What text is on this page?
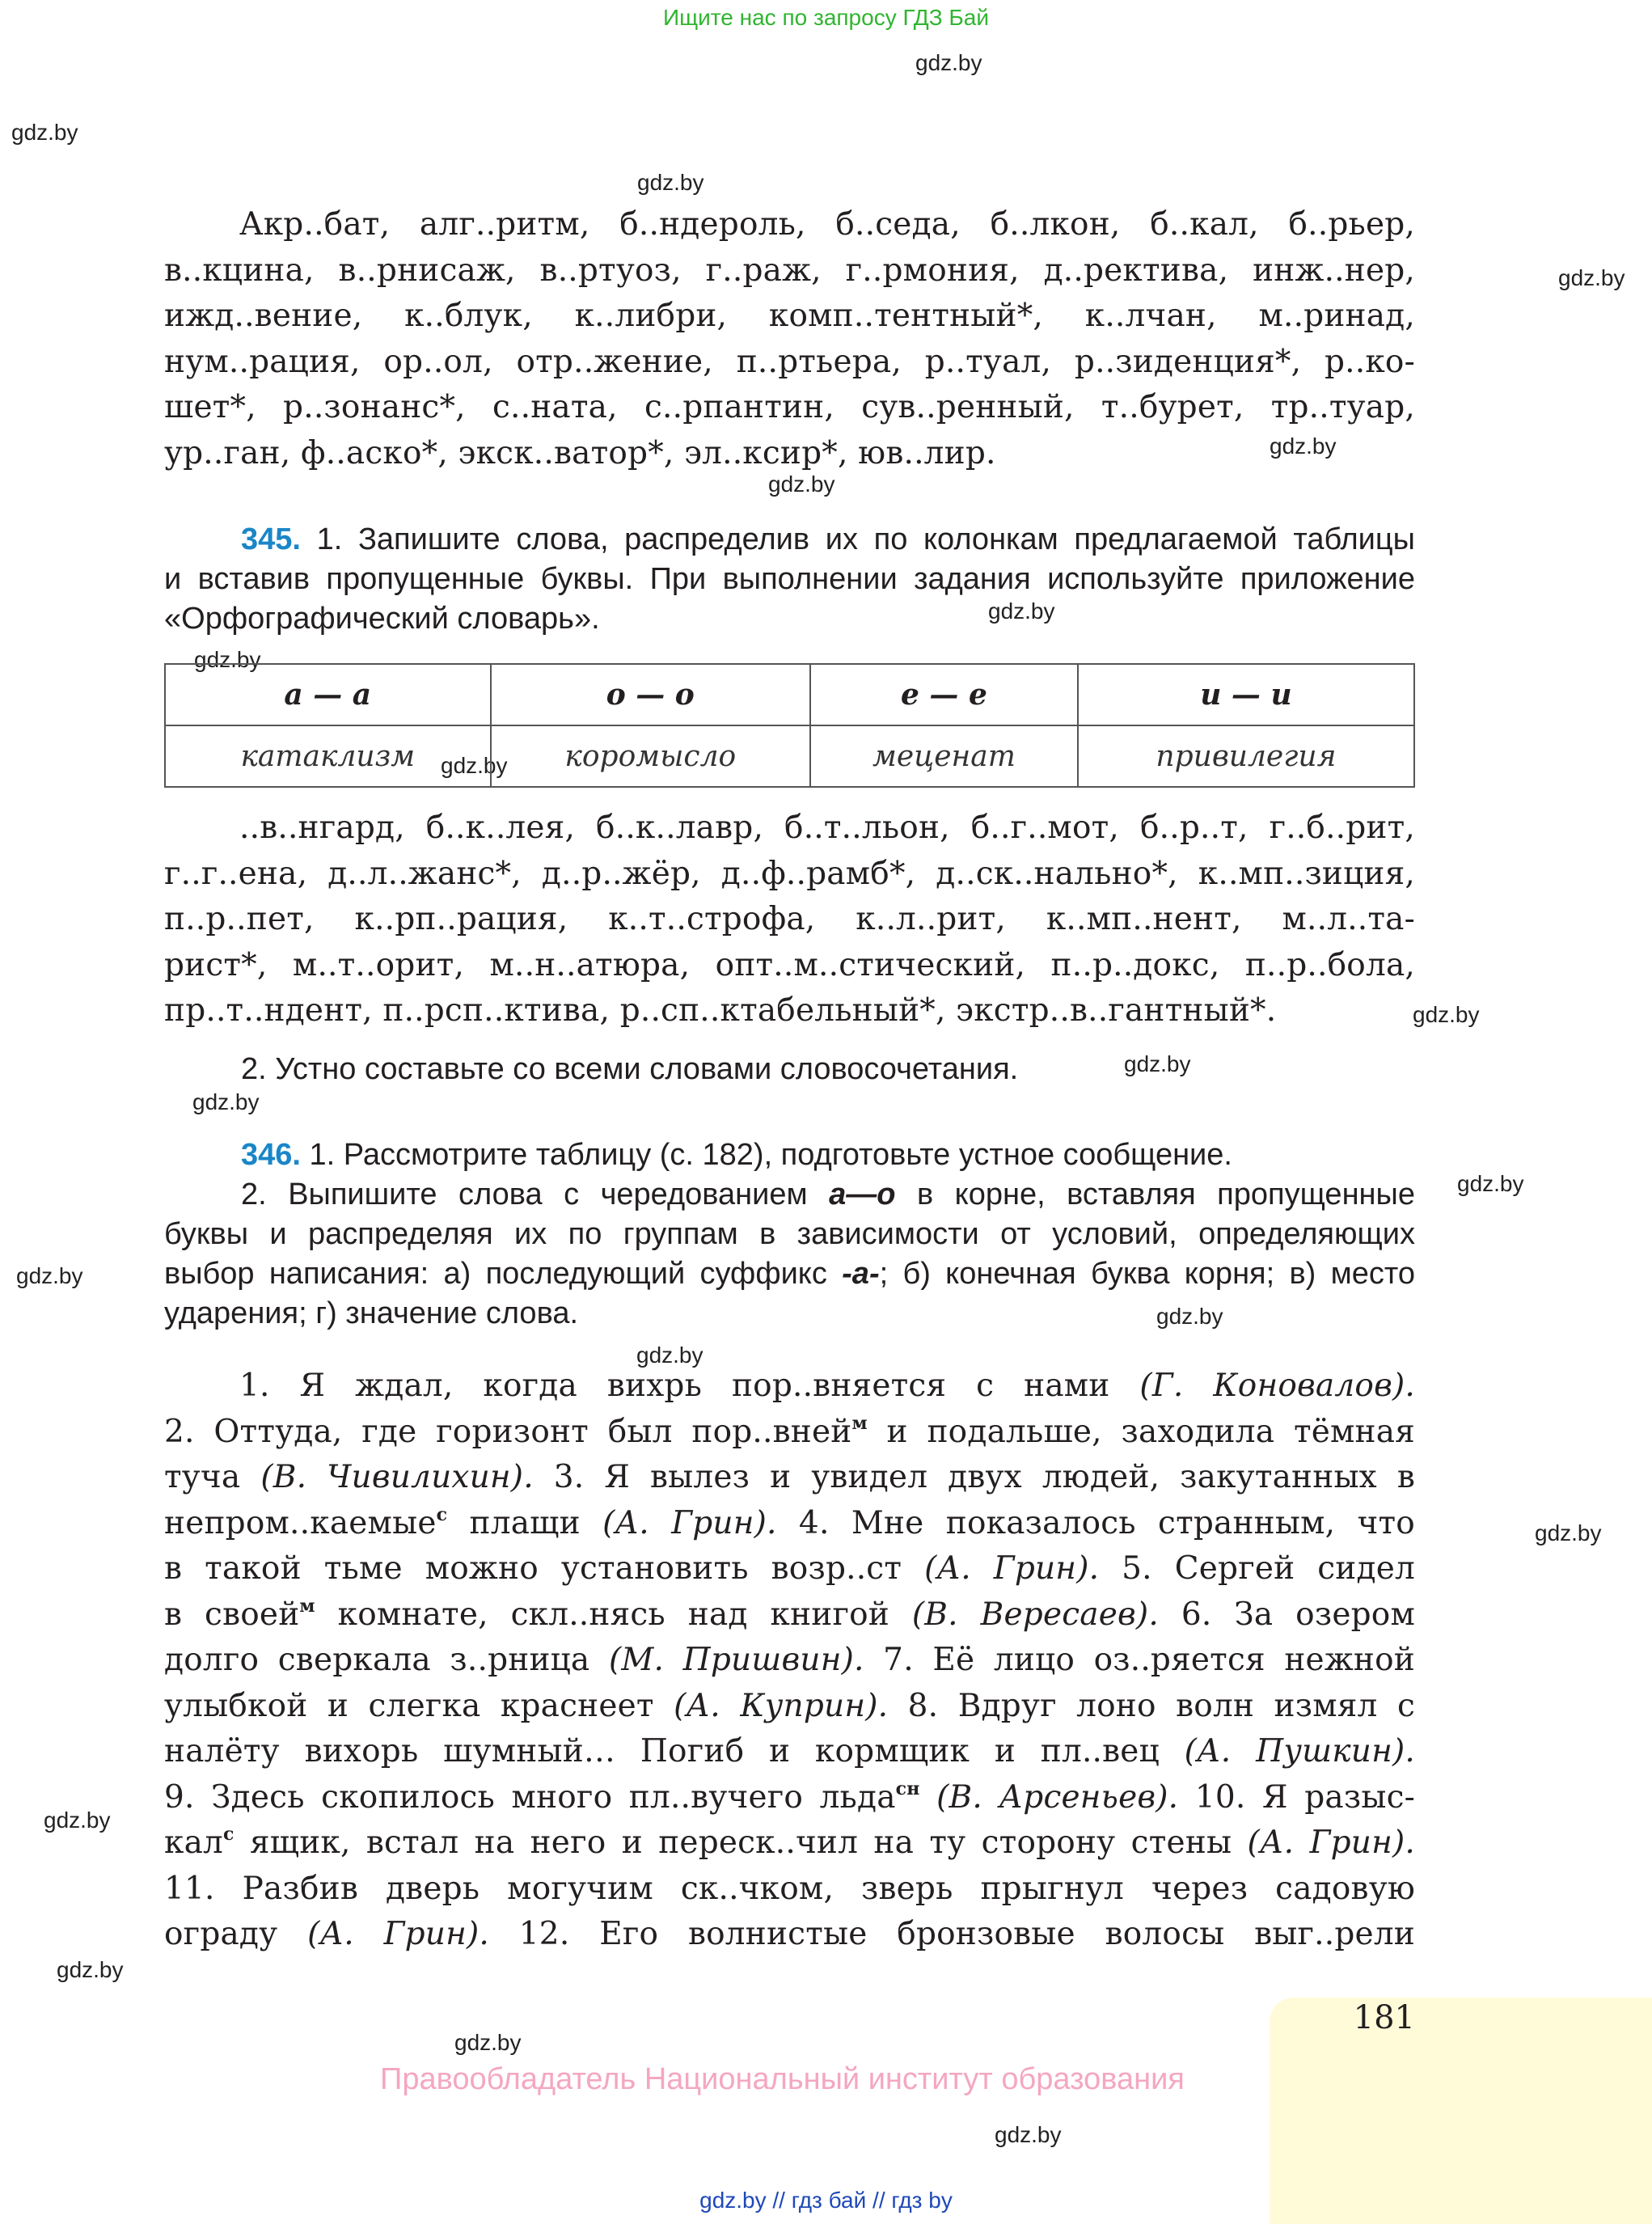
Ищите нас по запросу ГДЗ Бай
gdz.by
gdz.by
gdz.by
gdz.by
gdz.by
gdz.by
gdz.by
gdz.by
gdz.by
gdz.by
gdz.by
gdz.by
gdz.by
gdz.by
gdz.by
gdz.by
gdz.by
gdz.by
gdz.by
gdz.by
gdz.by
Акр..бат, алг..ритм, б..ндероль, б..седа, б..лкон, б..кал, б..рьер,
в..кцина, в..рнисаж, в..ртуоз, г..раж, г..рмония, д..ректива, инж..нер,
ижд..вение, к..блук, к..либри, комп..тентный*, к..лчан, м..ринад,
нум..рация, ор..ол, отр..жение, п..ртьера, р..туал, р..зиденция*, р..ко-
шет*, р..зонанс*, с..ната, с..рпантин, сув..ренный, т..бурет, тр..туар,
ур..ган, ф..аско*, экск..ватор*, эл..ксир*, юв..лир.
345. 1. Запишите слова, распределив их по колонкам предлагаемой таблицы
и вставив пропущенные буквы. При выполнении задания используйте приложение
«Орфографический словарь».
а — а	о — о	е — е	и — и
катаклизм	коромысло	меценат	привилегия
..в..нгард, б..к..лея, б..к..лавр, б..т..льон, б..г..мот, б..р..т, г..б..рит,
г..г..ена, д..л..жанс*, д..р..жёр, д..ф..рамб*, д..ск..нально*, к..мп..зиция,
п..р..пет, к..рп..рация, к..т..строфа, к..л..рит, к..мп..нент, м..л..та-
рист*, м..т..орит, м..н..атюра, опт..м..стический, п..р..докс, п..р..бола,
пр..т..ндент, п..рсп..ктива, р..сп..ктабельный*, экстр..в..гантный*.
2. Устно составьте со всеми словами словосочетания.
346. 1. Рассмотрите таблицу (с. 182), подготовьте устное сообщение.
2. Выпишите слова с чередованием а—о в корне, вставляя пропущенные
буквы и распределяя их по группам в зависимости от условий, определяющих
выбор написания: а) последующий суффикс -а-; б) конечная буква корня; в) место
ударения; г) значение слова.
1. Я ждал, когда вихрь пор..вняется с нами (Г. Коновалов).
2. Оттуда, где горизонт был пор..вней$^м$ и подальше, заходила тёмная
туча (В. Чивилихин). 3. Я вылез и увидел двух людей, закутанных в
непром..каемые$^с$ плащи (А. Грин). 4. Мне показалось странным, что
в такой тьме можно установить возр..ст (А. Грин). 5. Сергей сидел
в своей$^м$ комнате, скл..нясь над книгой (В. Вересаев). 6. За озером
долго сверкала з..рница (М. Пришвин). 7. Её лицо оз..ряется нежной
улыбкой и слегка краснеет (А. Куприн). 8. Вдруг лоно волн измял с
налёту вихорь шумный… Погиб и кормщик и пл..вец (А. Пушкин).
9. Здесь скопилось много пл..вучего льда$^{сн}$ (В. Арсеньев). 10. Я разыс-
кал$^с$ ящик, встал на него и переск..чил на ту сторону стены (А. Грин).
11. Разбив дверь могучим ск..чком, зверь прыгнул через садовую
ограду (А. Грин). 12. Его волнистые бронзовые волосы выг..рели
181
Правообладатель Национальный институт образования
gdz.by // гдз бай // гдз by
